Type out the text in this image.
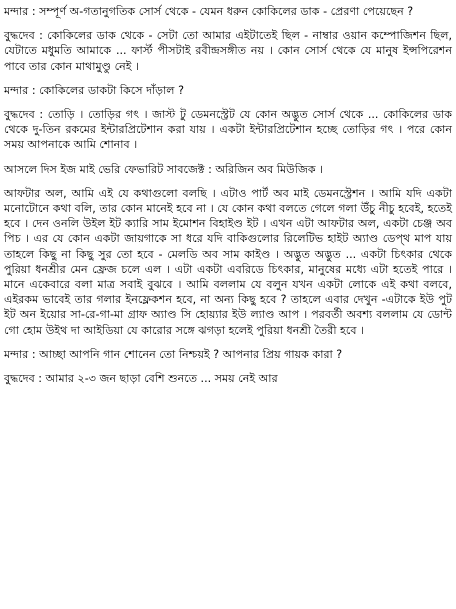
মন্দার : সম্পূর্ণ অ-গতানুগতিক সোর্স থেকে - যেমন ধরুন কোকিলের ডাক - প্রেরণা পেয়েছেন ?

বুদ্ধদেব : কোকিলের ডাক থেকে - সেটা তো আমার এইটাতেই ছিল - নাম্বার ওয়ান কম্পোজিশন ছিল, যেটাতে মধুমতি আমাকে ... ফার্স্ট পীসটাই রবীন্দ্রসঙ্গীত নয় । কোন সোর্স থেকে যে মানুষ ইন্সপিরেশন পাবে তার কোন মাথামুণ্ডু নেই ।

মন্দার : কোকিলের ডাকটা কিসে দাঁড়াল ?

বুদ্ধদেব : তোড়ি । তোড়ির গৎ । জাস্ট টু ডেমনস্ট্রেট যে কোন অদ্ভুত সোর্স থেকে ... কোকিলের ডাক থেকে দু-তিন রকমের ইন্টারপ্রিটেশান করা যায় । একটা ইন্টারপ্রিটেশান হচ্ছে তোড়ির গৎ । পরে কোন সময় আপনাকে আমি শোনাব ।

আসলে দিস ইজ মাই ভেরি ফেভারিট সাবজেক্ট : অরিজিন অব মিউজিক ।

আফটার অল, আমি এই যে কথাগুলো বলছি । এটাও পার্ট অব মাই ডেমনস্ট্রেশন । আমি যদি একটা মনোটোনে কথা বলি, তার কোন মানেই হবে না । যে কোন কথা বলতে গেলে গলা উঁচু নীচু হবেই, হতেই হবে । দেন ওনলি উইল ইট ক্যারি সাম ইমোশন বিহাইণ্ড ইট । এখন এটা আফটার অল, একটা চেঞ্জ অব পিচ । এর যে কোন একটা জায়গাকে সা ধরে যদি বাকিগুলোর রিলেটিভ হাইট অ্যাণ্ড ডেপ্থ মাপ যায় তাহলে কিছু না কিছু সুর তো হবে - মেলডি অব সাম কাইণ্ড । অদ্ভুত অদ্ভুত ... একটা চিৎকার থেকে পুরিয়া ধনশ্রীর মেন ফ্রেজ চলে এল । এটা একটা এবরিডে চিৎকার, মানুষের মধ্যে এটা হতেই পারে । মানে একেবারে বলা মাত্র সবাই বুঝবে । আমি বললাম যে বলুন যখন একটা লোকে এই কথা বলবে, এইরকম ভাবেই তার গলার ইনফ্লেকশন হবে, না অন্য কিছু হবে ? তাহলে এবার দেখুন -এটাকে ইউ পুট ইট অন ইয়োর সা-রে-গা-মা গ্রাফ অ্যাণ্ড সি হোয়্যার ইউ ল্যাণ্ড আপ । পরবর্তী অবশ্য বললাম যে ডোন্ট গো হোম উইথ দা আইডিয়া যে কারোর সঙ্গে ঝগড়া হলেই পুরিয়া ধনশ্রী তৈরী হবে ।

মন্দার : আচ্ছা আপনি গান শোনেন তো নিশ্চয়ই ? আপনার প্রিয় গায়ক কারা ?

বুদ্ধদেব : আমার ২-৩ জন ছাড়া বেশি শুনতে ... সময় নেই আর
